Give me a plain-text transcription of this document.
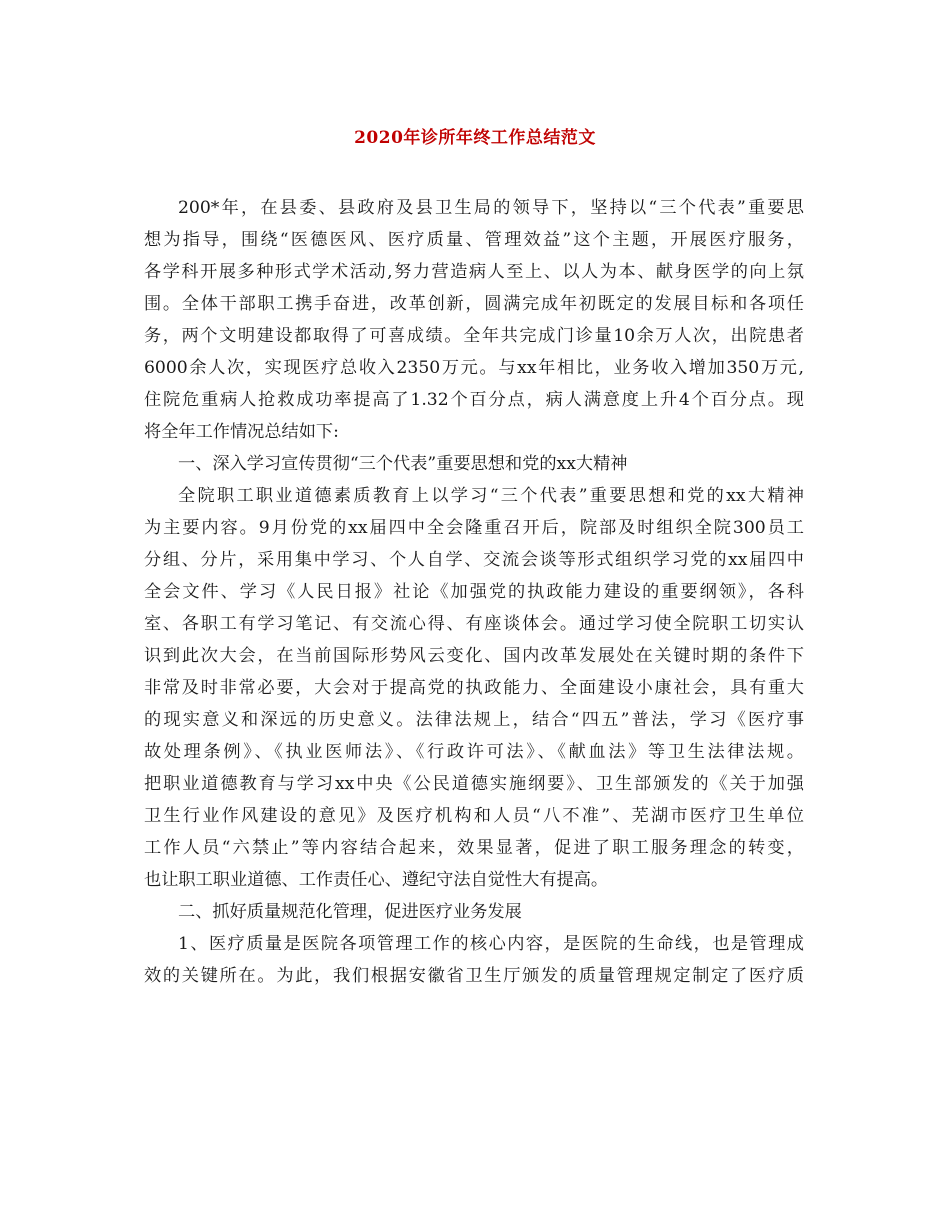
2020年诊所年终工作总结范文
200*年，在县委、县政府及县卫生局的领导下，坚持以“三个代表”重要思
想为指导，围绕“医德医风、医疗质量、管理效益”这个主题，开展医疗服务，
各学科开展多种形式学术活动,努力营造病人至上、以人为本、献身医学的向上氛
围。全体干部职工携手奋进，改革创新，圆满完成年初既定的发展目标和各项任
务，两个文明建设都取得了可喜成绩。全年共完成门诊量10余万人次，出院患者
6000余人次，实现医疗总收入2350万元。与xx年相比，业务收入增加350万元,
住院危重病人抢救成功率提高了1.32个百分点，病人满意度上升4个百分点。现
将全年工作情况总结如下:
一、深入学习宣传贯彻“三个代表”重要思想和党的xx大精神
全院职工职业道德素质教育上以学习“三个代表”重要思想和党的xx大精神
为主要内容。9月份党的xx届四中全会隆重召开后，院部及时组织全院300员工
分组、分片，采用集中学习、个人自学、交流会谈等形式组织学习党的xx届四中
全会文件、学习《人民日报》社论《加强党的执政能力建设的重要纲领》，各科
室、各职工有学习笔记、有交流心得、有座谈体会。通过学习使全院职工切实认
识到此次大会，在当前国际形势风云变化、国内改革发展处在关键时期的条件下
非常及时非常必要，大会对于提高党的执政能力、全面建设小康社会，具有重大
的现实意义和深远的历史意义。法律法规上，结合“四五”普法，学习《医疗事
故处理条例》、《执业医师法》、《行政许可法》、《献血法》等卫生法律法规。
把职业道德教育与学习xx中央《公民道德实施纲要》、卫生部颁发的《关于加强
卫生行业作风建设的意见》及医疗机构和人员“八不准”、芜湖市医疗卫生单位
工作人员“六禁止”等内容结合起来，效果显著，促进了职工服务理念的转变，
也让职工职业道德、工作责任心、遵纪守法自觉性大有提高。
二、抓好质量规范化管理，促进医疗业务发展
1、医疗质量是医院各项管理工作的核心内容，是医院的生命线，也是管理成
效的关键所在。为此，我们根据安徽省卫生厅颁发的质量管理规定制定了医疗质
